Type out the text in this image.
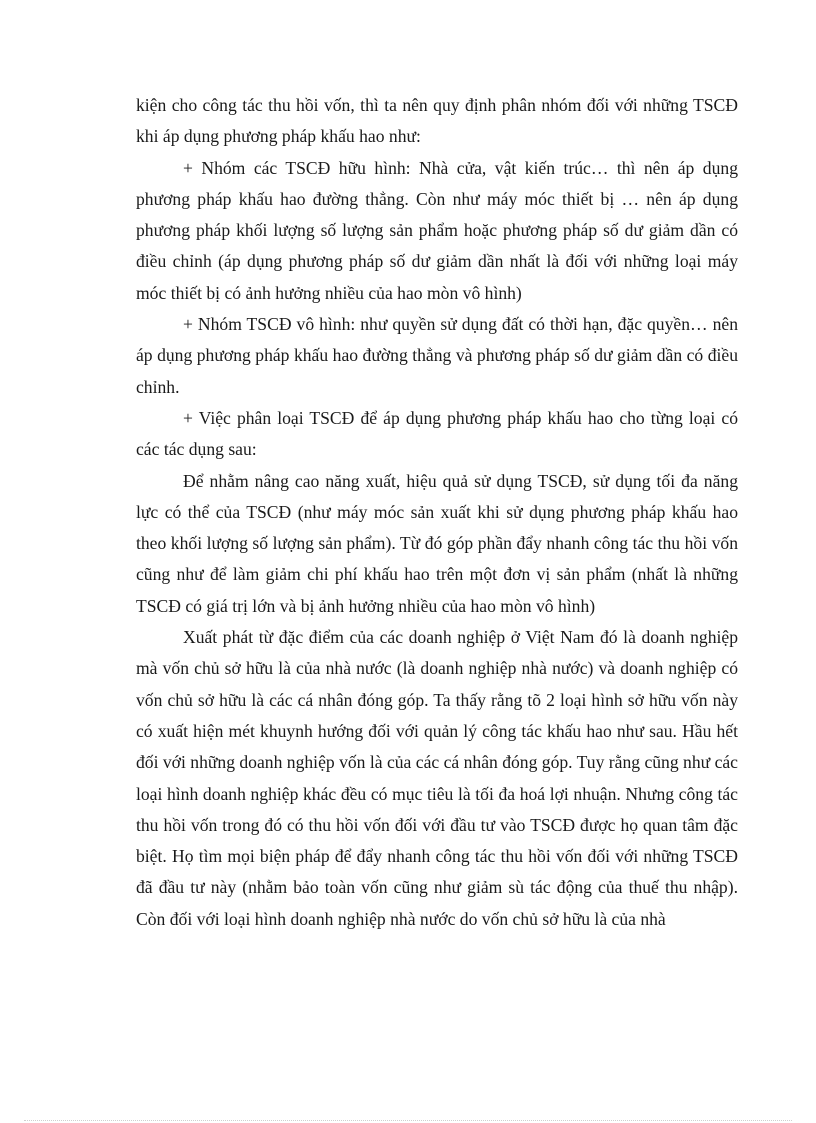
kiện cho công tác thu hồi vốn, thì ta nên quy định phân nhóm đối với những TSCĐ khi áp dụng phương pháp khấu hao như:

+ Nhóm các TSCĐ hữu hình: Nhà cửa, vật kiến trúc… thì nên áp dụng phương pháp khấu hao đường thẳng. Còn như máy móc thiết bị … nên áp dụng phương pháp khối lượng số lượng sản phẩm hoặc phương pháp số dư giảm dần có điều chỉnh (áp dụng phương pháp số dư giảm dần nhất là đối với những loại máy móc thiết bị có ảnh hưởng nhiều của hao mòn vô hình)

+ Nhóm TSCĐ vô hình: như quyền sử dụng đất có thời hạn, đặc quyền… nên áp dụng phương pháp khấu hao đường thẳng và phương pháp số dư giảm dần có điều chỉnh.

+ Việc phân loại TSCĐ để áp dụng phương pháp khấu hao cho từng loại có các tác dụng sau:

Để nhằm nâng cao năng xuất, hiệu quả sử dụng TSCĐ, sử dụng tối đa năng lực có thể của TSCĐ (như máy móc sản xuất khi sử dụng phương pháp khấu hao theo khối lượng số lượng sản phẩm). Từ đó góp phần đẩy nhanh công tác thu hồi vốn cũng như để làm giảm chi phí khấu hao trên một đơn vị sản phẩm (nhất là những TSCĐ có giá trị lớn và bị ảnh hưởng nhiều của hao mòn vô hình)

Xuất phát từ đặc điểm của các doanh nghiệp ở Việt Nam đó là doanh nghiệp mà vốn chủ sở hữu là của nhà nước (là doanh nghiệp nhà nước) và doanh nghiệp có vốn chủ sở hữu là các cá nhân đóng góp. Ta thấy rằng tõ 2 loại hình sở hữu vốn này có xuất hiện mét khuynh hướng đối với quản lý công tác khấu hao như sau. Hầu hết đối với những doanh nghiệp vốn là của các cá nhân đóng góp. Tuy rằng cũng như các loại hình doanh nghiệp khác đều có mục tiêu là tối đa hoá lợi nhuận. Nhưng công tác thu hồi vốn trong đó có thu hồi vốn đối với đầu tư vào TSCĐ được họ quan tâm đặc biệt. Họ tìm mọi biện pháp để đẩy nhanh công tác thu hồi vốn đối với những TSCĐ đã đầu tư này (nhằm bảo toàn vốn cũng như giảm sù tác động của thuế thu nhập). Còn đối với loại hình doanh nghiệp nhà nước do vốn chủ sở hữu là của nhà
